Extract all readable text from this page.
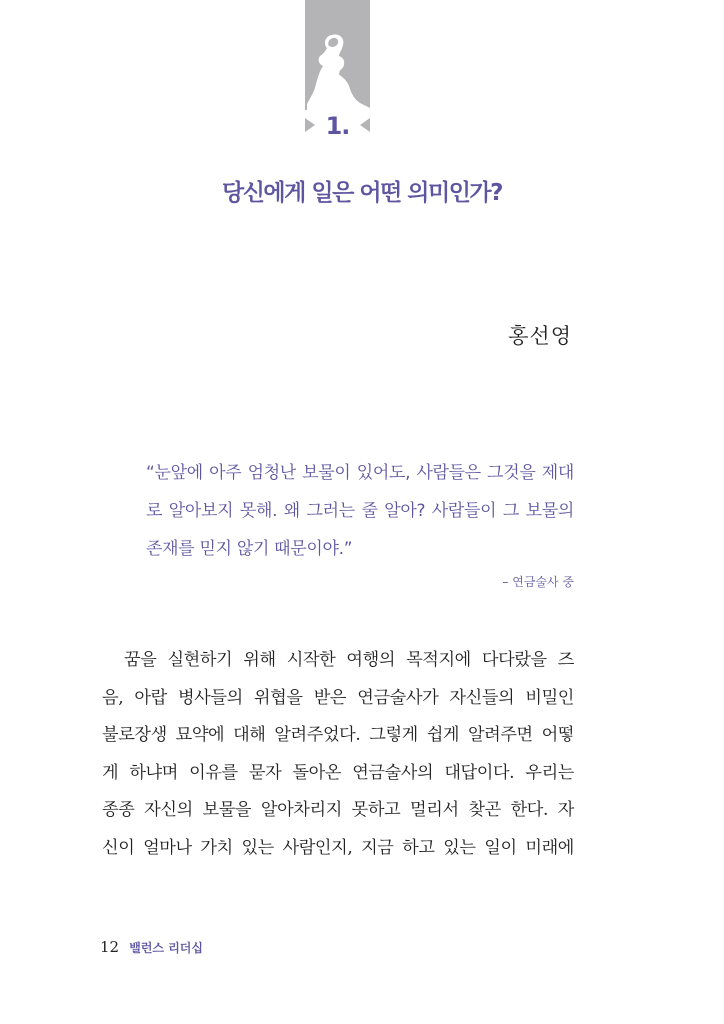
1.
당신에게 일은 어떤 의미인가?
홍선영
“눈앞에 아주 엄청난 보물이 있어도, 사람들은 그것을 제대로 알아보지 못해. 왜 그러는 줄 알아? 사람들이 그 보물의 존재를 믿지 않기 때문이야.”
– 연금술사 중
꿈을 실현하기 위해 시작한 여행의 목적지에 다다랐을 즈
음, 아랍 병사들의 위협을 받은 연금술사가 자신들의 비밀인
불로장생 묘약에 대해 알려주었다. 그렇게 쉽게 알려주면 어떻
게 하냐며 이유를 묻자 돌아온 연금술사의 대답이다. 우리는
종종 자신의 보물을 알아차리지 못하고 멀리서 찾곤 한다. 자
신이 얼마나 가치 있는 사람인지, 지금 하고 있는 일이 미래에
12 밸런스 리더십
